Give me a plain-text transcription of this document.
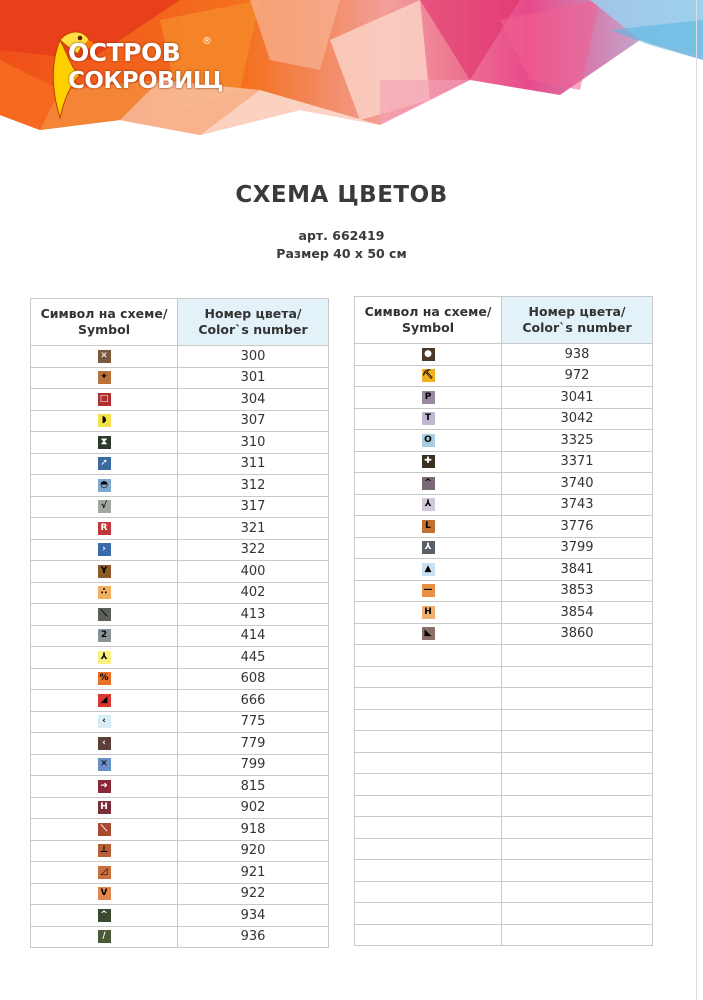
ОСТРОВ ®
СОКРОВИЩ
СХЕМА ЦВЕТОВ
арт. 662419
Размер 40 x 50 см
Символ на схеме/ Symbol	Номер цвета/ Color`s number
✕	300
✦	301
□	304
◗	307
⧗	310
➚	311
◓	312
√	317
R	321
›	322
Y	400
∴	402
⟍	413
2	414
⅄	445
%	608
◢	666
‹	775
‹	779
✕	799
➜	815
H	902
⟍	918
⊥	920
◿	921
V	922
^	934
/	936
Символ на схеме/ Symbol	Номер цвета/ Color`s number
●	938
⛏	972
P	3041
T	3042
O	3325
✚	3371
^	3740
⅄	3743
L	3776
⅄	3799
▲	3841
—	3853
H	3854
◣	3860
